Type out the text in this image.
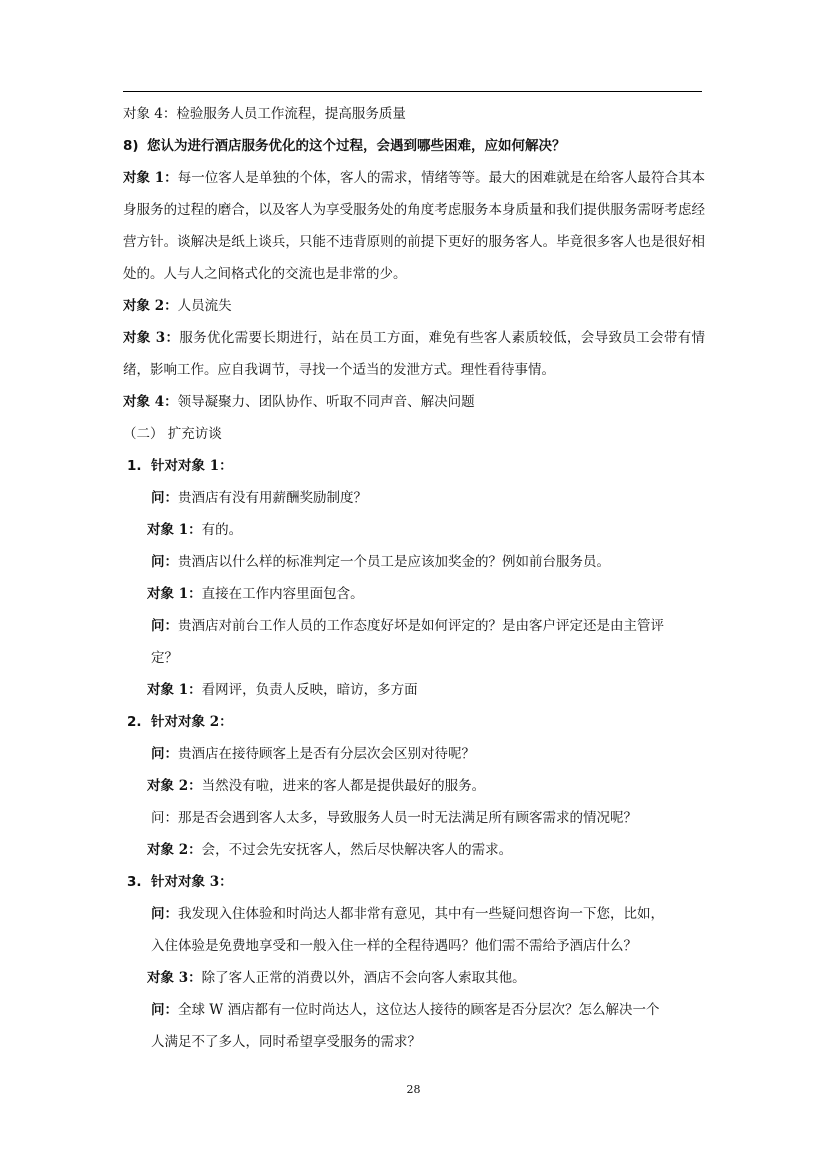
对象 4：检验服务人员工作流程，提高服务质量
8) 您认为进行酒店服务优化的这个过程，会遇到哪些困难，应如何解决？
对象 1：每一位客人是单独的个体，客人的需求，情绪等等。最大的困难就是在给客人最符合其本身服务的过程的磨合，以及客人为享受服务处的角度考虑服务本身质量和我们提供服务需呀考虑经营方针。谈解决是纸上谈兵，只能不违背原则的前提下更好的服务客人。毕竟很多客人也是很好相处的。人与人之间格式化的交流也是非常的少。
对象 2：人员流失
对象 3：服务优化需要长期进行，站在员工方面，难免有些客人素质较低，会导致员工会带有情绪，影响工作。应自我调节，寻找一个适当的发泄方式。理性看待事情。
对象 4：领导凝聚力、团队协作、听取不同声音、解决问题
（二） 扩充访谈
1. 针对对象 1：
问：贵酒店有没有用薪酬奖励制度？
对象 1：有的。
问：贵酒店以什么样的标准判定一个员工是应该加奖金的？例如前台服务员。
对象 1：直接在工作内容里面包含。
问：贵酒店对前台工作人员的工作态度好坏是如何评定的？是由客户评定还是由主管评
定？
对象 1：看网评，负责人反映，暗访，多方面
2. 针对对象 2：
问：贵酒店在接待顾客上是否有分层次会区别对待呢？
对象 2：当然没有啦，进来的客人都是提供最好的服务。
问：那是否会遇到客人太多，导致服务人员一时无法满足所有顾客需求的情况呢？
对象 2：会，不过会先安抚客人，然后尽快解决客人的需求。
3. 针对对象 3：
问：我发现入住体验和时尚达人都非常有意见，其中有一些疑问想咨询一下您，比如，
入住体验是免费地享受和一般入住一样的全程待遇吗？他们需不需给予酒店什么？
对象 3：除了客人正常的消费以外，酒店不会向客人索取其他。
问：全球 W 酒店都有一位时尚达人，这位达人接待的顾客是否分层次？怎么解决一个
人满足不了多人，同时希望享受服务的需求？
28
